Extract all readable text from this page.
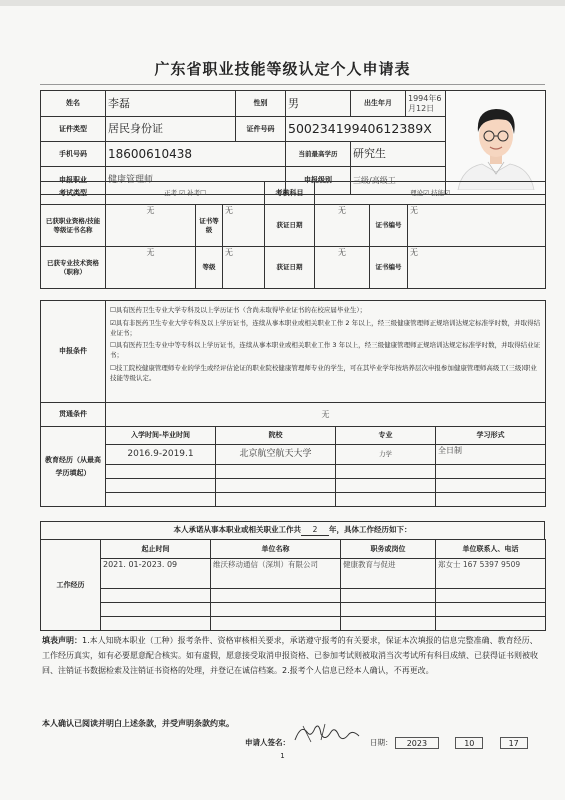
广东省职业技能等级认定个人申请表
姓名	李磊	性别	男	出生年月	1994年6月12日	
证件类型	居民身份证	证件号码	500234199406123​89X			
手机号码	18600610438		当前最高学历	研究生		
申报职业	健康管理师		申报级别	三级/高级工		
考试类型	正考 ☑ 补考☐			考核科目	理论☑ 技能☑		
已获职业资格/技能等级证书名称	无	证书等级	无	获证日期	无	证书编号	无
已获专业技术资格（职称）	无	等级	无	获证日期	无	证书编号	无
申报条件	☐具有医药卫生专业大学专科及以上学历证书（含尚未取得毕业证书的在校应届毕业生）；

☑具有非医药卫生专业大学专科及以上学历证书，连续从事本职业或相关职业工作 2 年以上，经三级健康管理师正规培训达规定标准学时数，并取得结业证书；

☐具有医药卫生专业中等专科以上学历证书，连续从事本职业或相关职业工作 3 年以上，经三级健康管理师正规培训达规定标准学时数，并取得结业证书；

☐技工院校健康管理师专业的学生或经评估论证的职业院校健康管理师专业的学生，可在其毕业学年按培养层次申报参加健康管理师高级工(三级)职业技能等级认定。			

贯通条件	无			
教育经历（从最高学历填起）	入学时间-毕业时间	院校	专业	学习形式
	2016.9-2019.1	北京航空航天大学	力学	全日制

本人承诺从事本职业或相关职业工作共 2 年，具体工作经历如下：
工作经历	起止时间	单位名称	职务或岗位	单位联系人、电话
	2021. 01-2023. 09	维沃移动通信（深圳）有限公司	健康教育与促进	郑女士 167 5397 9509

填表声明：1.本人知晓本职业（工种）报考条件、资格审核相关要求，承诺遵守报考的有关要求，保证本次填报的信息完整准确、教育经历、工作经历真实，如有必要愿意配合核实。如有虚假，愿意接受取消申报资格、已参加考试则被取消当次考试所有科目成绩、已获得证书则被收回、注销证书数据检索及注销证书资格的处理，并登记在诚信档案。2.报考个人信息已经本人确认，不再更改。
本人确认已阅读并明白上述条款，并受声明条款约束。
申请人签名：	日期： 2023	10	17
1
